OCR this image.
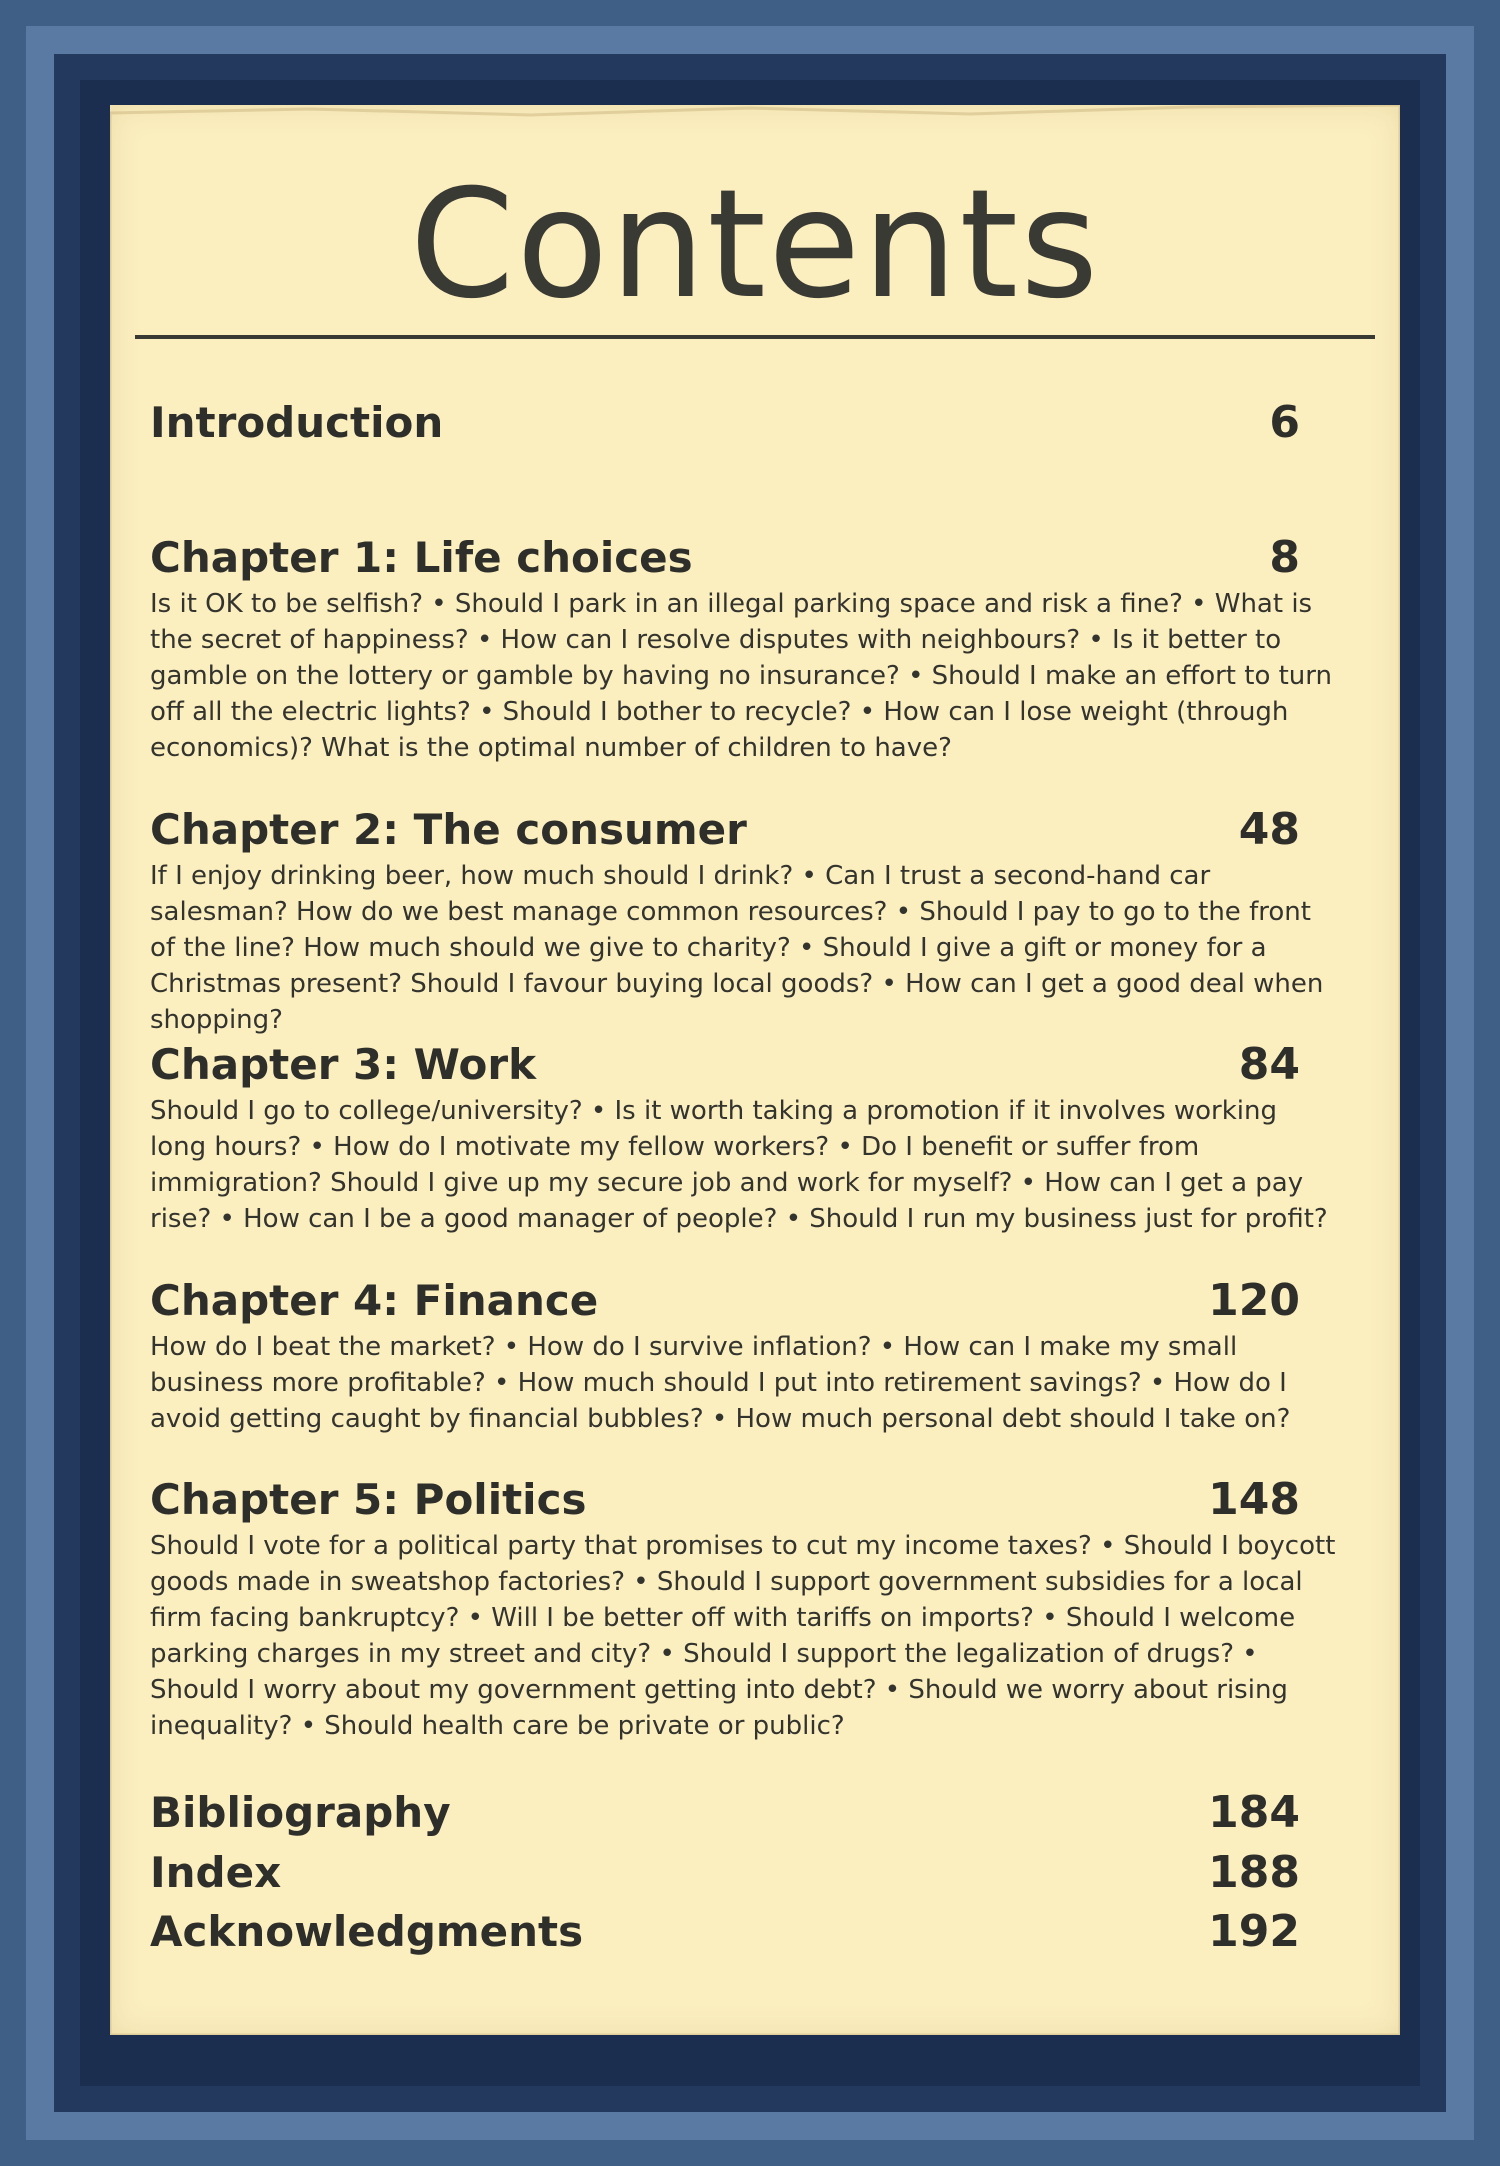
Contents
Introduction	6
Chapter 1: Life choices	8

Is it OK to be selfish? • Should I park in an illegal parking space and risk a fine? • What is the secret of happiness? • How can I resolve disputes with neighbours? • Is it better to gamble on the lottery or gamble by having no insurance? • Should I make an effort to turn off all the electric lights? • Should I bother to recycle? • How can I lose weight (through economics)? What is the optimal number of children to have?

Chapter 2: The consumer	48

If I enjoy drinking beer, how much should I drink? • Can I trust a second-hand car salesman? How do we best manage common resources? • Should I pay to go to the front of the line? How much should we give to charity? • Should I give a gift or money for a Christmas present? Should I favour buying local goods? • How can I get a good deal when shopping?

Chapter 3: Work	84

Should I go to college/university? • Is it worth taking a promotion if it involves working long hours? • How do I motivate my fellow workers? • Do I benefit or suffer from immigration? Should I give up my secure job and work for myself? • How can I get a pay rise? • How can I be a good manager of people? • Should I run my business just for profit?

Chapter 4: Finance	120

How do I beat the market? • How do I survive inflation? • How can I make my small business more profitable? • How much should I put into retirement savings? • How do I avoid getting caught by financial bubbles? • How much personal debt should I take on?

Chapter 5: Politics	148

Should I vote for a political party that promises to cut my income taxes? • Should I boycott goods made in sweatshop factories? • Should I support government subsidies for a local firm facing bankruptcy? • Will I be better off with tariffs on imports? • Should I welcome parking charges in my street and city? • Should I support the legalization of drugs? • Should I worry about my government getting into debt? • Should we worry about rising inequality? • Should health care be private or public?

Bibliography	184
Index	188
Acknowledgments	192
